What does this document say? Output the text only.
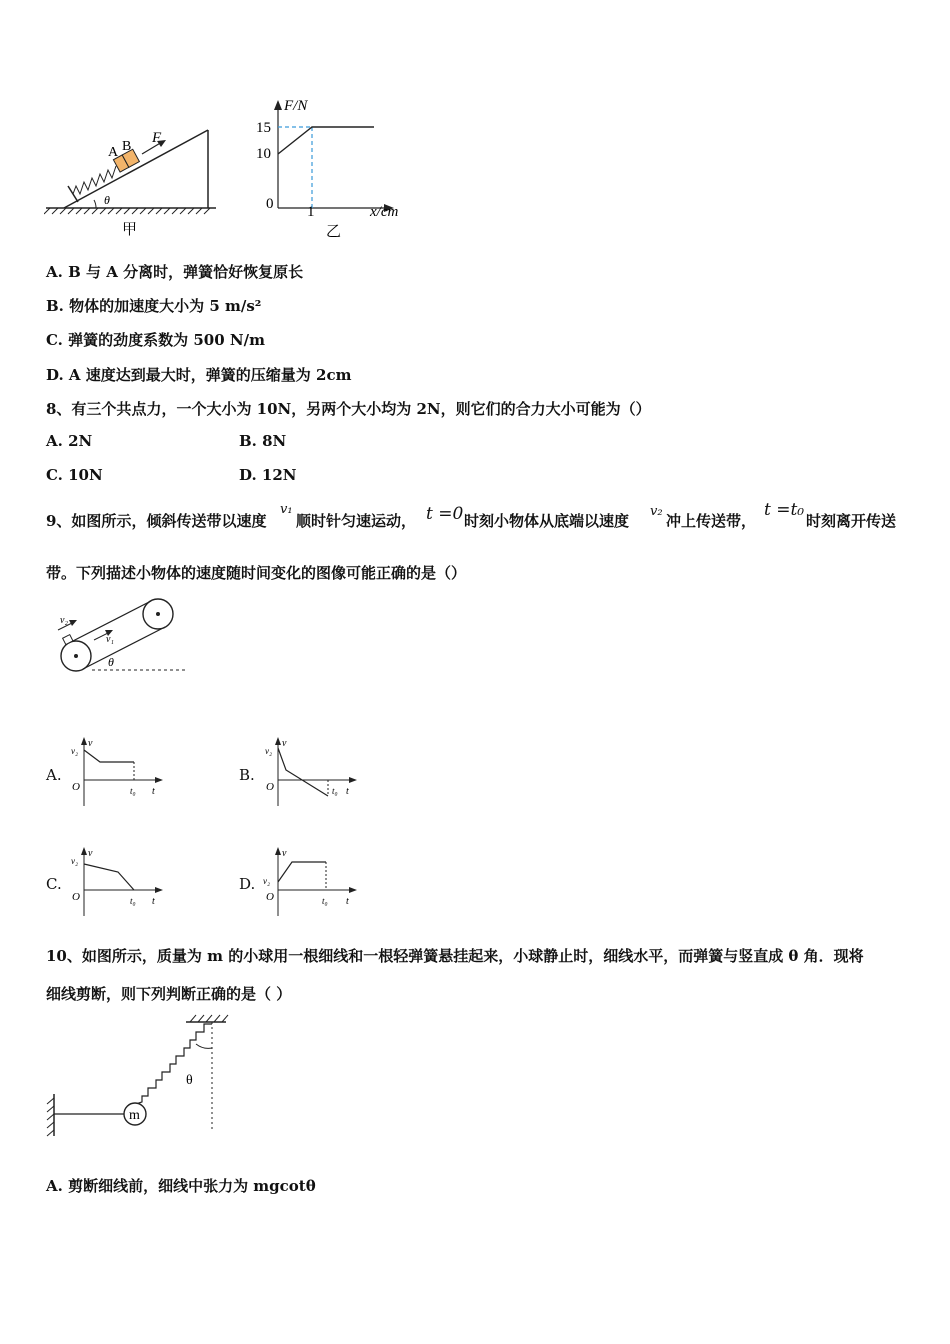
A B
F
θ
甲
F/N
15
10
0 1	x/cm
乙
A. B 与 A 分离时，弹簧恰好恢复原长
B. 物体的加速度大小为 5 m/s²
C. 弹簧的劲度系数为 500 N/m
D. A 速度达到最大时，弹簧的压缩量为 2cm
8、有三个共点力，一个大小为 10N，另两个大小均为 2N，则它们的合力大小可能为（）
A. 2N	B. 8N
C. 10N	D. 12N
9、如图所示，倾斜传送带以速度
v₁
顺时针匀速运动， t =0 时刻小物体从底端以速度
v₂
冲上传送带，
t =t₀
时刻离开传送
带。下列描述小物体的速度随时间变化的图像可能正确的是（）
v₂
v₁
θ
A.
v
v₂
O	t₀ t
B.
v
v₂
O	t₀ t
C.
v
v₂
O	t₀ t
D.
v
v₂
O	t₀ t
10、如图所示，质量为 m 的小球用一根细线和一根轻弹簧悬挂起来，小球静止时，细线水平，而弹簧与竖直成 θ 角．现将
细线剪断，则下列判断正确的是（ ）
m
θ
A. 剪断细线前，细线中张力为 mgcotθ
